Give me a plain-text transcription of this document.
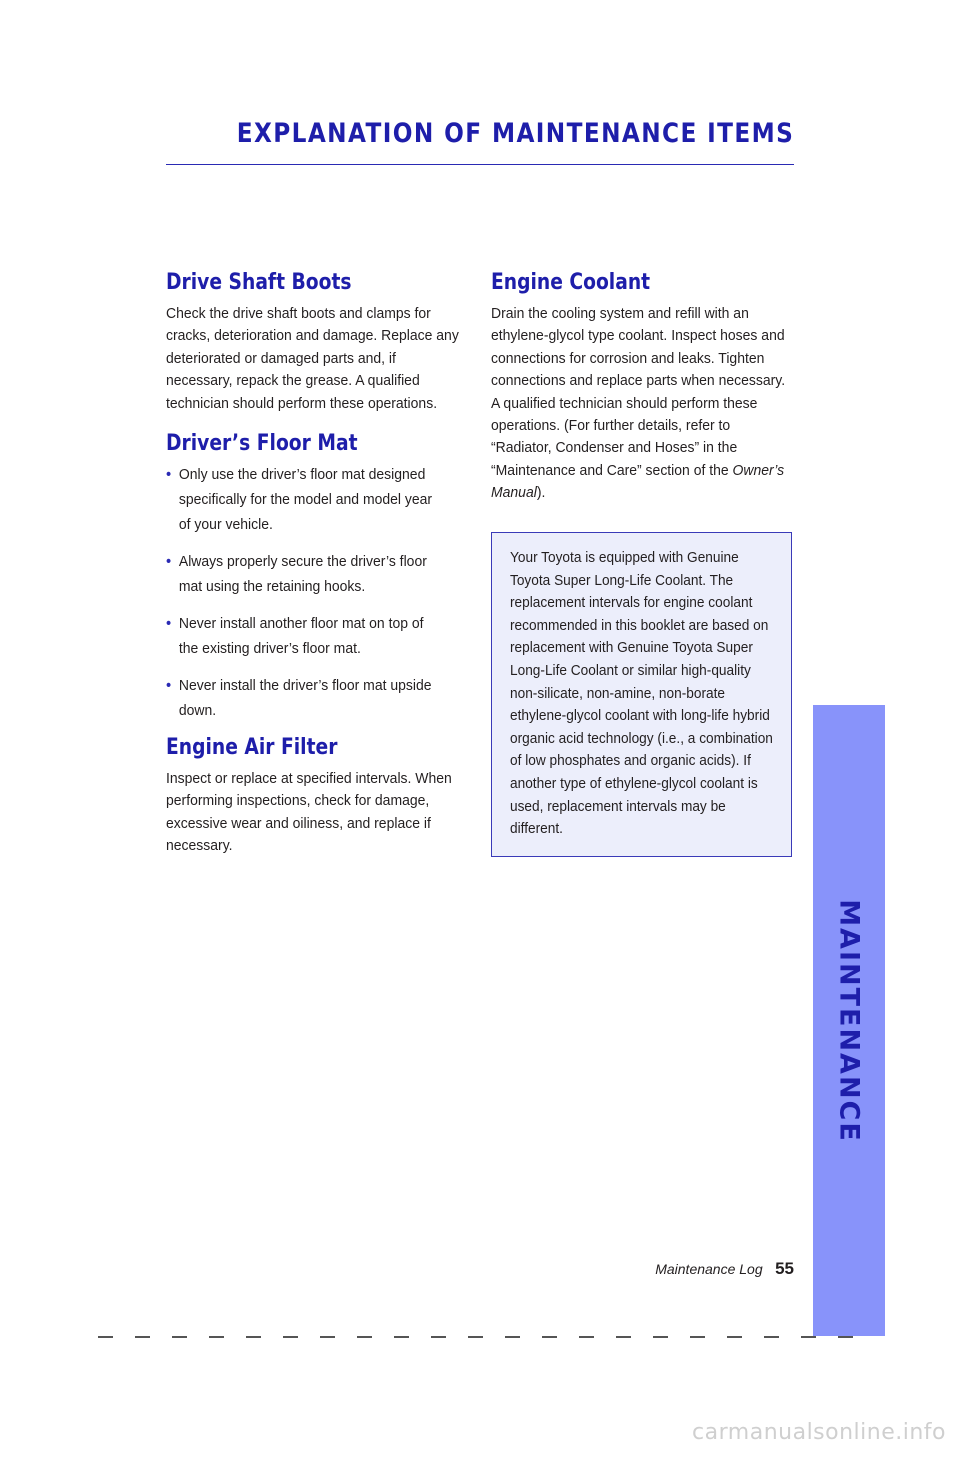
EXPLANATION OF MAINTENANCE ITEMS
Drive Shaft Boots

Check the drive shaft boots and clamps for cracks, deterioration and damage. Replace any deteriorated or damaged parts and, if necessary, repack the grease. A qualified technician should perform these operations.

Driver’s Floor Mat
• Only use the driver’s floor mat designed specifically for the model and model year of your vehicle.
• Always properly secure the driver’s floor mat using the retaining hooks.
• Never install another floor mat on top of the existing driver’s floor mat.
• Never install the driver’s floor mat upside down.
Engine Air Filter

Inspect or replace at specified intervals. When performing inspections, check for damage, excessive wear and oiliness, and replace if necessary.

Engine Coolant

Drain the cooling system and refill with an ethylene-glycol type coolant. Inspect hoses and connections for corrosion and leaks. Tighten connections and replace parts when necessary. A qualified technician should perform these operations. (For further details, refer to “Radiator, Condenser and Hoses” in the “Maintenance and Care” section of the Owner’s Manual).

Your Toyota is equipped with Genuine Toyota Super Long-Life Coolant. The replacement intervals for engine coolant recommended in this booklet are based on replacement with Genuine Toyota Super Long-Life Coolant or similar high-quality non-silicate, non-amine, non-borate ethylene-glycol coolant with long-life hybrid organic acid technology (i.e., a combination of low phosphates and organic acids). If another type of ethylene-glycol coolant is used, replacement intervals may be different.

MAINTENANCE
Maintenance Log 55
carmanualsonline.info
